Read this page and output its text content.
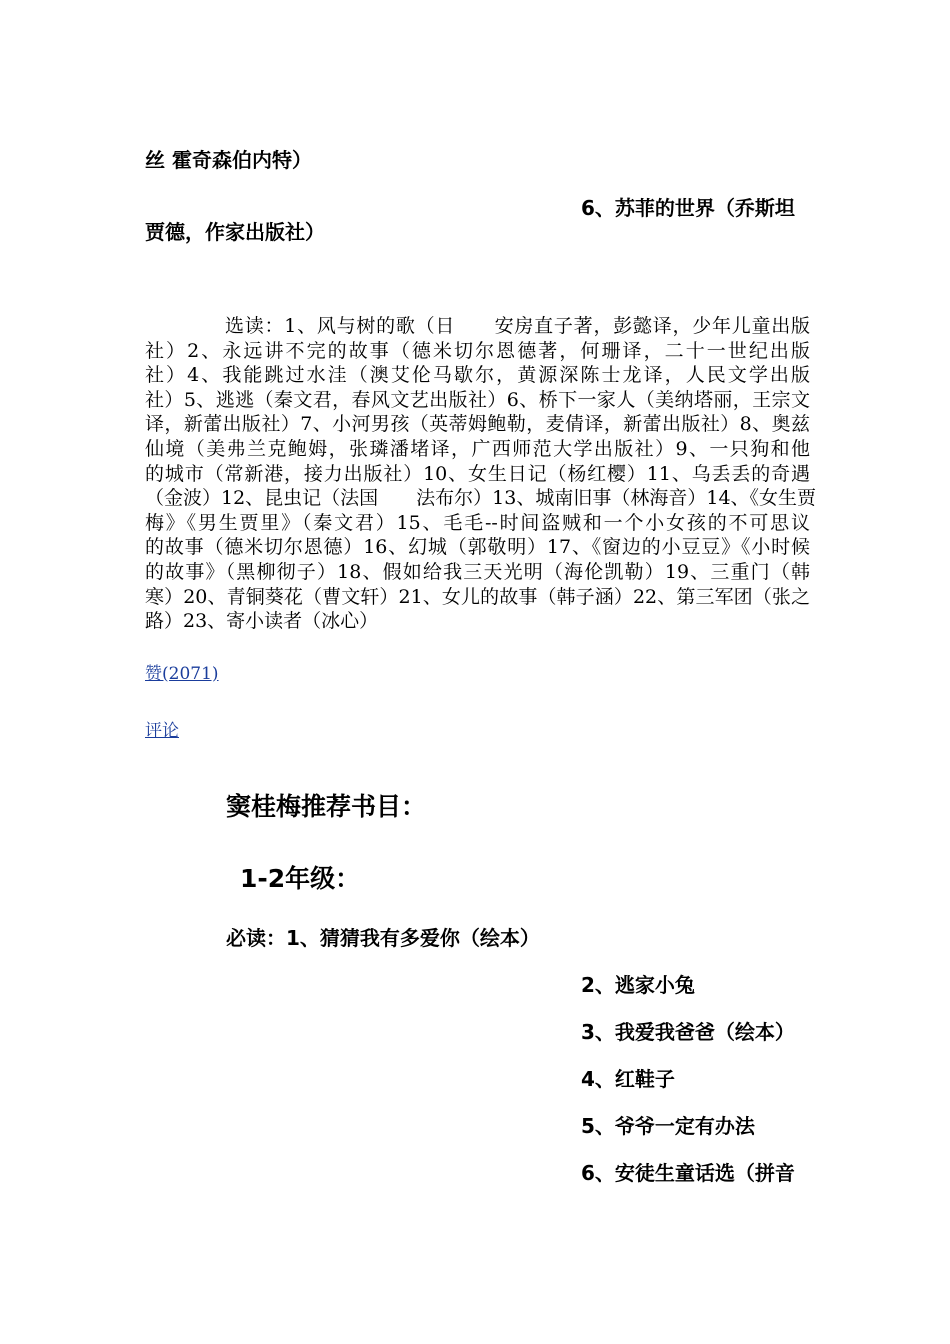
丝 霍奇森伯内特）
6、苏菲的世界（乔斯坦
贾德，作家出版社）
选读：1、风与树的歌（日　　安房直子著，彭懿译，少年儿童出版
社）2、永远讲不完的故事（德米切尔恩德著，何珊译，二十一世纪出版
社）4、我能跳过水洼（澳艾伦马歇尔，黄源深陈士龙译，人民文学出版
社）5、逃逃（秦文君，春风文艺出版社）6、桥下一家人（美纳塔丽，王宗文
译，新蕾出版社）7、小河男孩（英蒂姆鲍勒，麦倩译，新蕾出版社）8、奥兹
仙境（美弗兰克鲍姆，张璘潘堵译，广西师范大学出版社）9、一只狗和他
的城市（常新港，接力出版社）10、女生日记（杨红樱）11、乌丢丢的奇遇
（金波）12、昆虫记（法国　　法布尔）13、城南旧事（林海音）14、《女生贾
梅》《男生贾里》（秦文君）15、毛毛--时间盗贼和一个小女孩的不可思议
的故事（德米切尔恩德）16、幻城（郭敬明）17、《窗边的小豆豆》《小时候
的故事》（黑柳彻子）18、假如给我三天光明（海伦凯勒）19、三重门（韩
寒）20、青铜葵花（曹文轩）21、女儿的故事（韩子涵）22、第三军团（张之
路）23、寄小读者（冰心）
赞(2071)
评论
窦桂梅推荐书目：
1-2年级：
必读：1、猜猜我有多爱你（绘本）
2、逃家小兔
3、我爱我爸爸（绘本）
4、红鞋子
5、爷爷一定有办法
6、安徒生童话选（拼音
